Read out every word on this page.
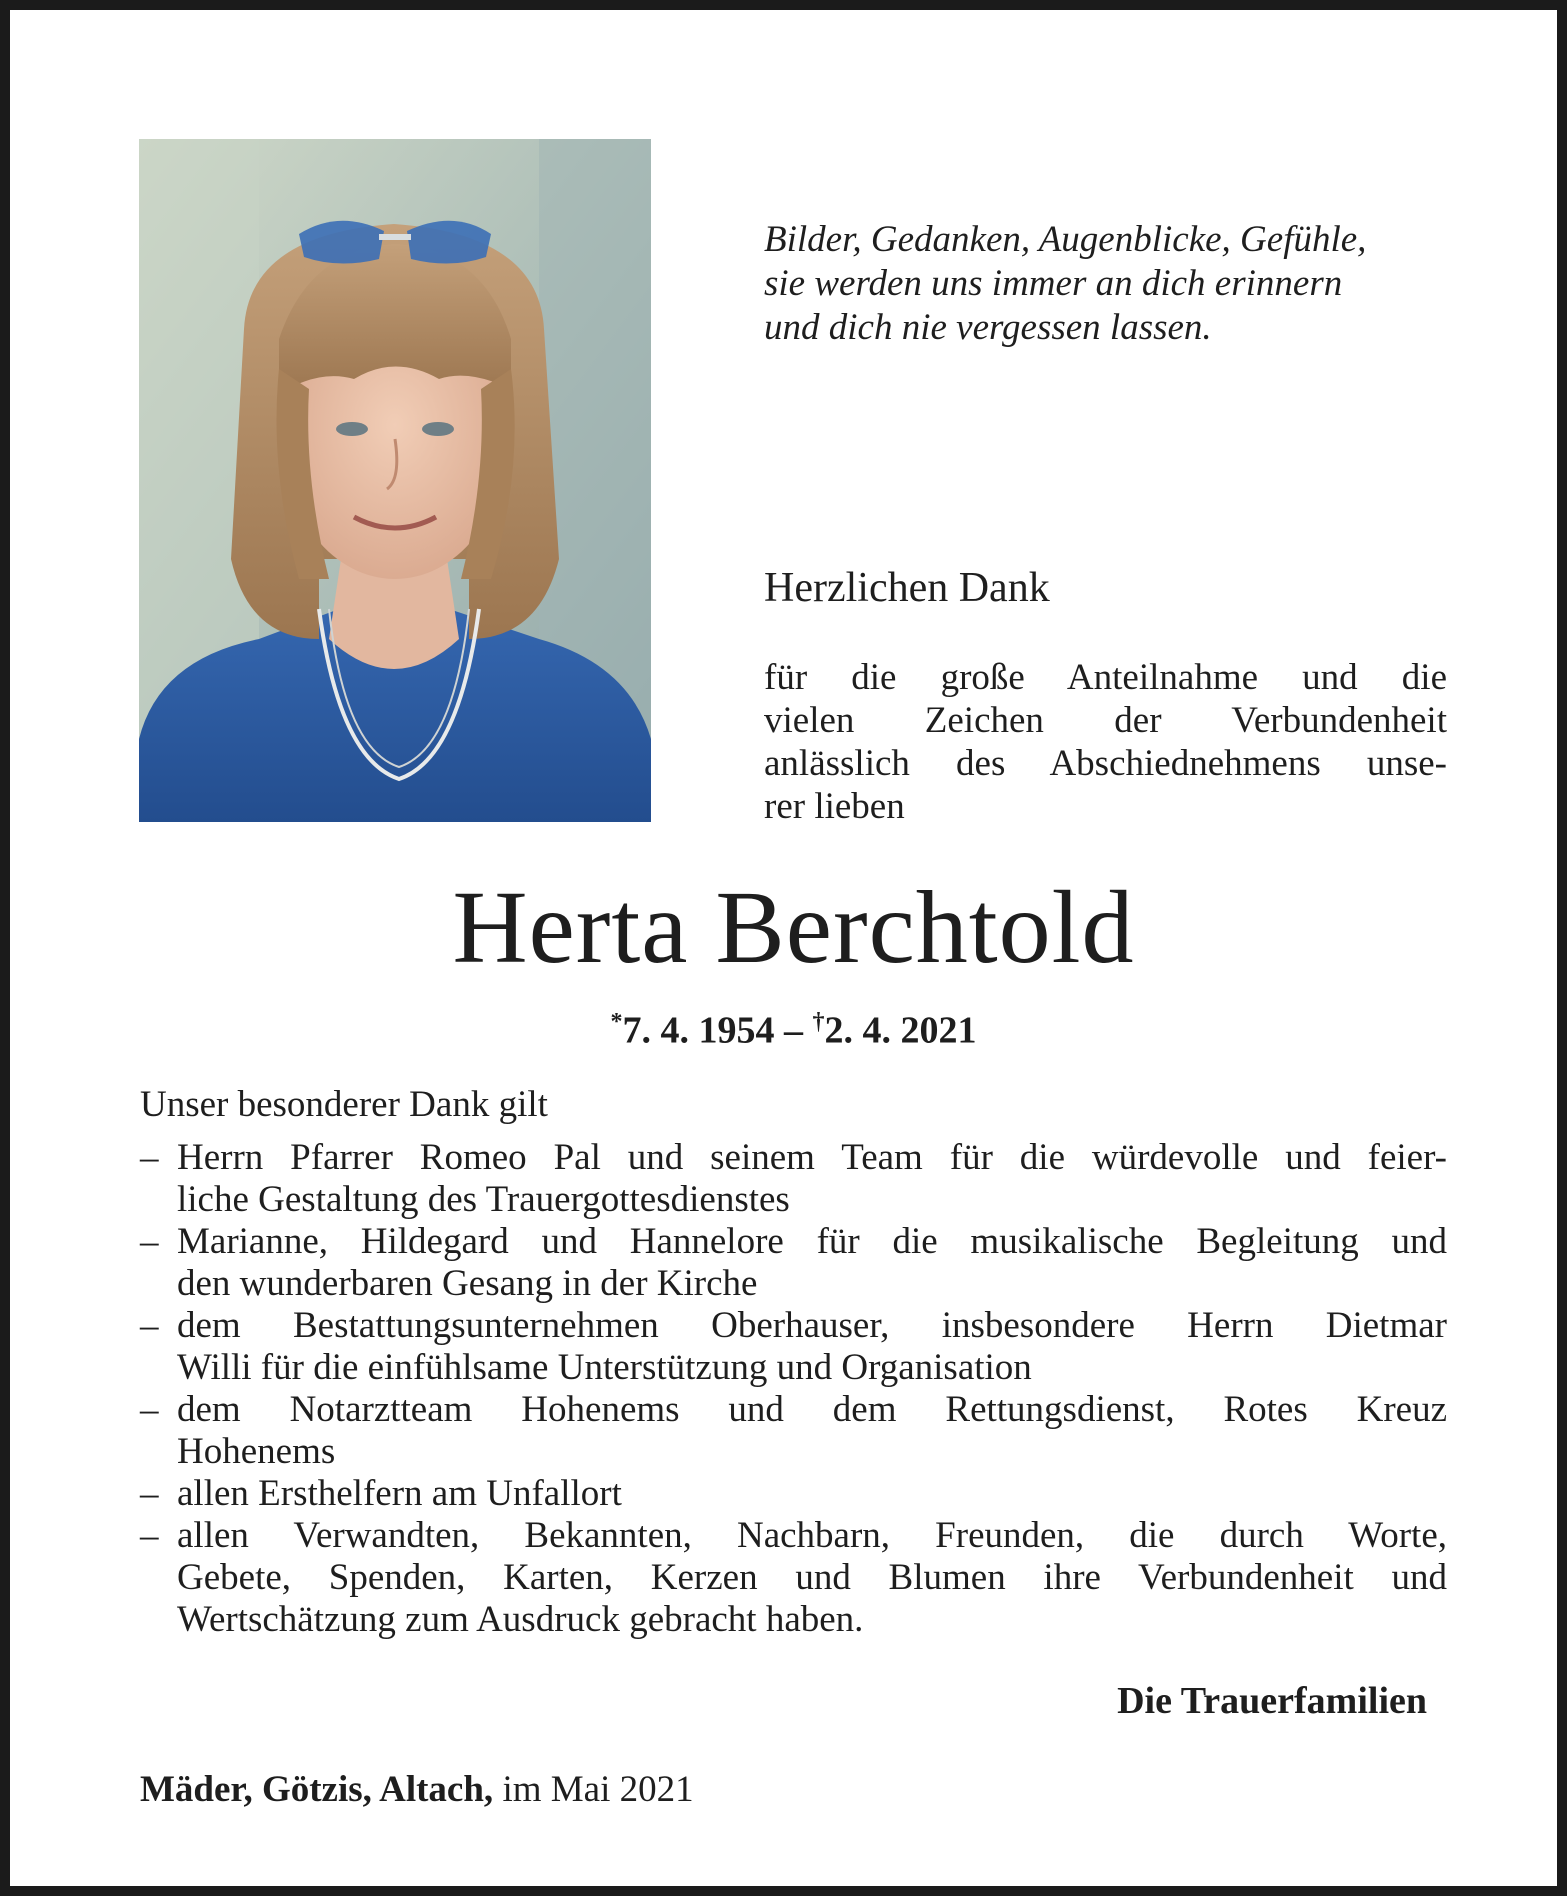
Bilder, Gedanken, Augenblicke, Gefühle,
sie werden uns immer an dich erinnern
und dich nie vergessen lassen.
Herzlichen Dank
für die große Anteilnahme und die
vielen Zeichen der Verbundenheit
anlässlich des Abschiednehmens unse-
rer lieben
Herta Berchtold
*7. 4. 1954 – †2. 4. 2021
Unser besonderer Dank gilt
– Herrn Pfarrer Romeo Pal und seinem Team für die würdevolle und feier-
liche Gestaltung des Trauergottesdienstes
– Marianne, Hildegard und Hannelore für die musikalische Begleitung und
den wunderbaren Gesang in der Kirche
– dem Bestattungsunternehmen Oberhauser, insbesondere Herrn Dietmar
Willi für die einfühlsame Unterstützung und Organisation
– dem Notarztteam Hohenems und dem Rettungsdienst, Rotes Kreuz
Hohenems
– allen Ersthelfern am Unfallort
– allen Verwandten, Bekannten, Nachbarn, Freunden, die durch Worte,
Gebete, Spenden, Karten, Kerzen und Blumen ihre Verbundenheit und
Wertschätzung zum Ausdruck gebracht haben.
Die Trauerfamilien
Mäder, Götzis, Altach, im Mai 2021
